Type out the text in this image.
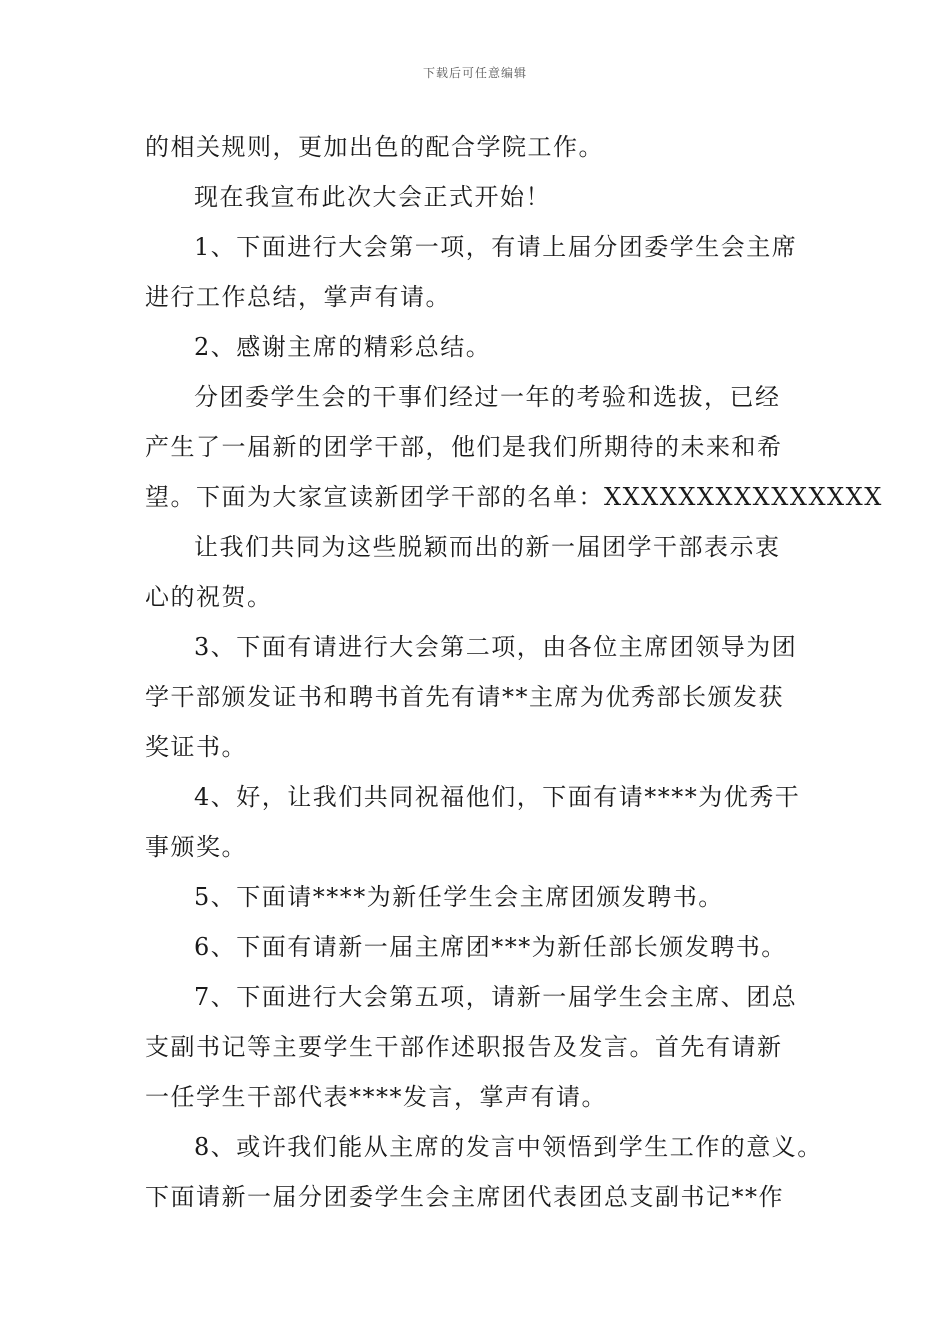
下载后可任意编辑

的相关规则，更加出色的配合学院工作。

现在我宣布此次大会正式开始！

1、下面进行大会第一项，有请上届分团委学生会主席

进行工作总结，掌声有请。

2、感谢主席的精彩总结。

分团委学生会的干事们经过一年的考验和选拔，已经

产生了一届新的团学干部，他们是我们所期待的未来和希

望。下面为大家宣读新团学干部的名单：XXXXXXXXXXXXXXX

让我们共同为这些脱颖而出的新一届团学干部表示衷

心的祝贺。

3、下面有请进行大会第二项，由各位主席团领导为团

学干部颁发证书和聘书首先有请**主席为优秀部长颁发获

奖证书。

4、好，让我们共同祝福他们，下面有请****为优秀干

事颁奖。

5、下面请****为新任学生会主席团颁发聘书。

6、下面有请新一届主席团***为新任部长颁发聘书。

7、下面进行大会第五项，请新一届学生会主席、团总

支副书记等主要学生干部作述职报告及发言。首先有请新

一任学生干部代表****发言，掌声有请。

8、或许我们能从主席的发言中领悟到学生工作的意义。

下面请新一届分团委学生会主席团代表团总支副书记**作
